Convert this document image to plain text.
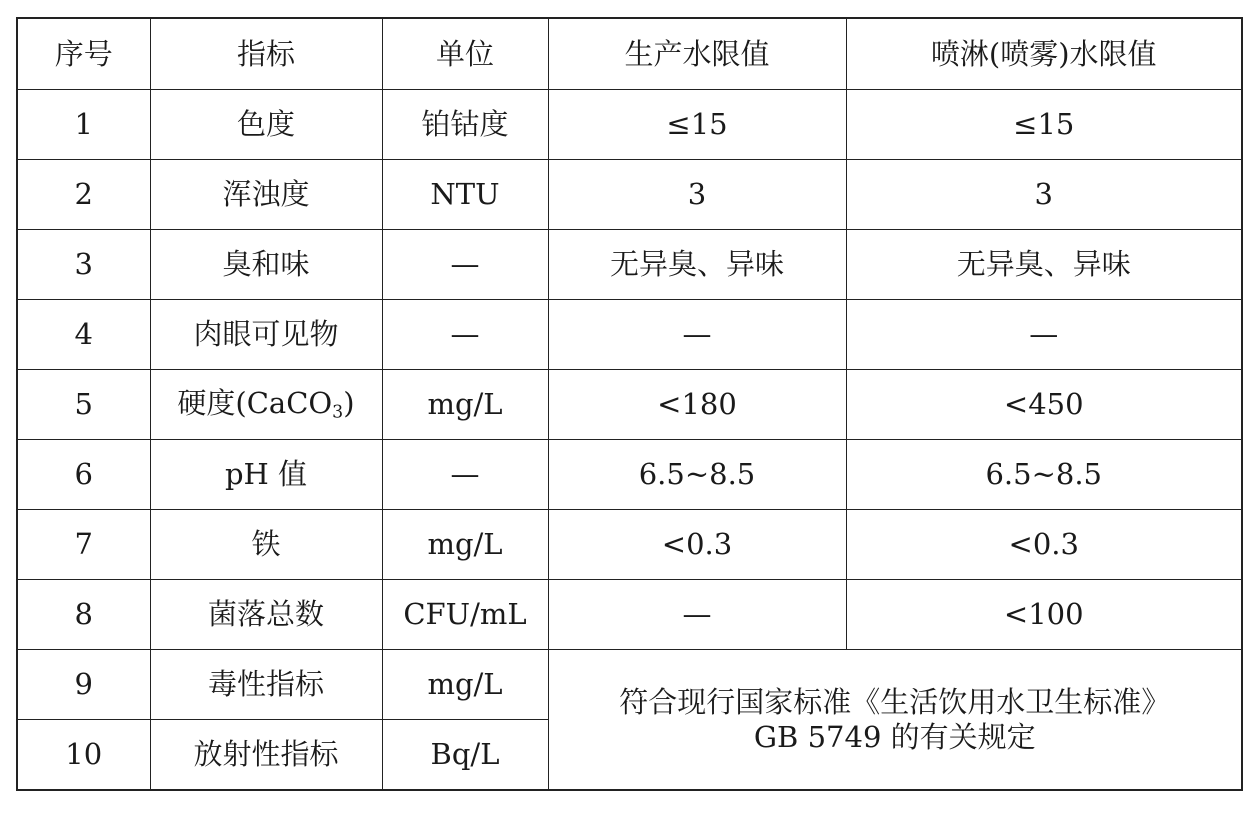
序号	指标	单位	生产水限值	喷淋(喷雾)水限值
1	色度	铂钴度	≤15	≤15
2	浑浊度	NTU	3	3
3	臭和味	—	无异臭、异味	无异臭、异味
4	肉眼可见物	—	—	—
5	硬度(CaCO$_3$)	mg/L	<180	<450
6	pH 值	—	6.5~8.5	6.5~8.5
7	铁	mg/L	<0.3	<0.3
8	菌落总数	CFU/mL	—	<100
9	毒性指标	mg/L	符合现行国家标准《生活饮用水卫生标准》
GB 5749 的有关规定	

10	放射性指标	Bq/L		
